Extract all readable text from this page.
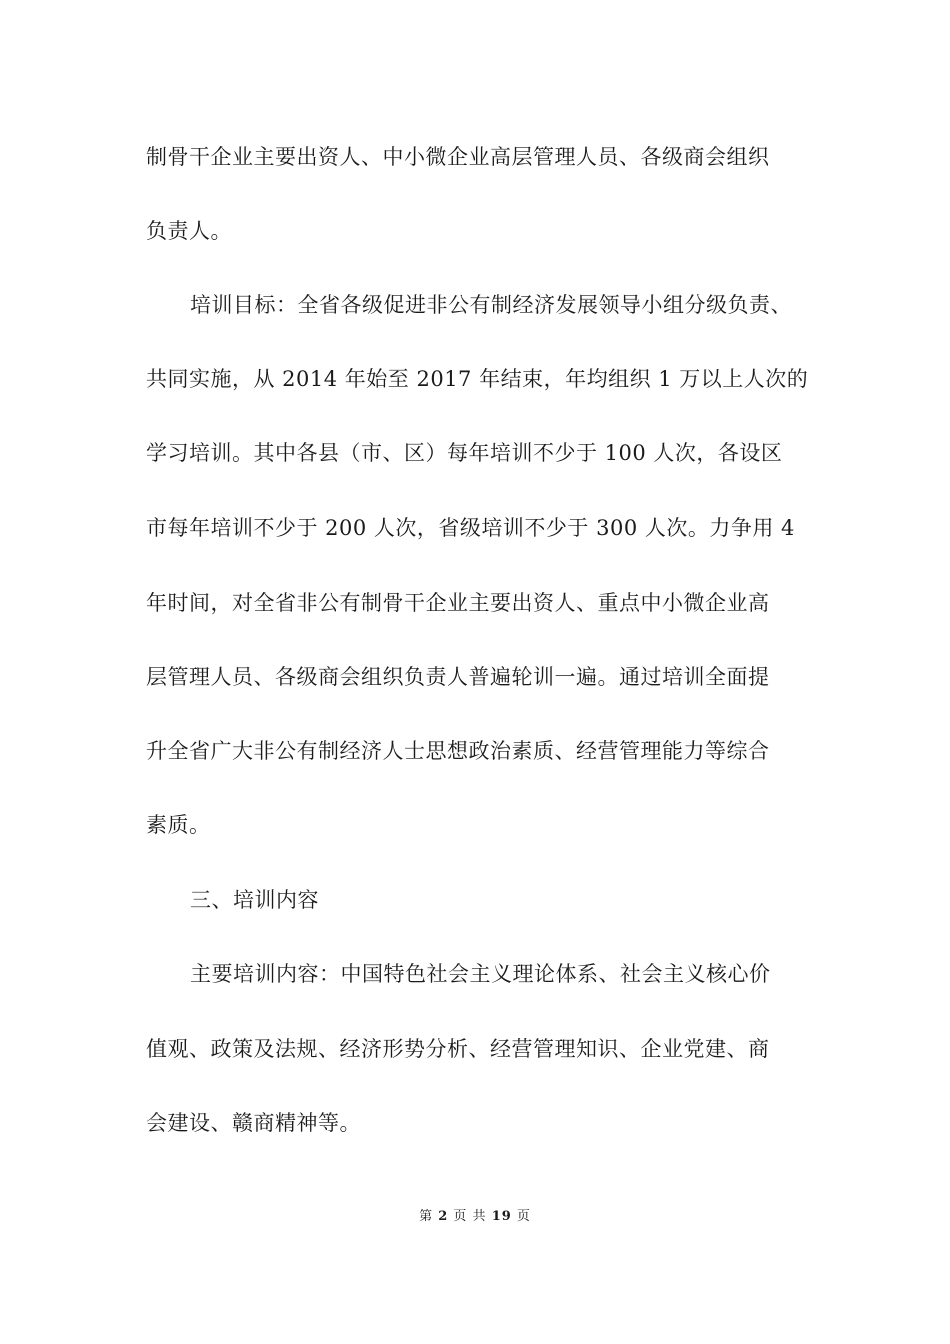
制骨干企业主要出资人、中小微企业高层管理人员、各级商会组织
负责人。
培训目标：全省各级促进非公有制经济发展领导小组分级负责、
共同实施，从 2014 年始至 2017 年结束，年均组织 1 万以上人次的
学习培训。其中各县（市、区）每年培训不少于 100 人次，各设区
市每年培训不少于 200 人次，省级培训不少于 300 人次。力争用 4
年时间，对全省非公有制骨干企业主要出资人、重点中小微企业高
层管理人员、各级商会组织负责人普遍轮训一遍。通过培训全面提
升全省广大非公有制经济人士思想政治素质、经营管理能力等综合
素质。
三、培训内容
主要培训内容：中国特色社会主义理论体系、社会主义核心价
值观、政策及法规、经济形势分析、经营管理知识、企业党建、商
会建设、赣商精神等。
第 2 页 共 19 页
